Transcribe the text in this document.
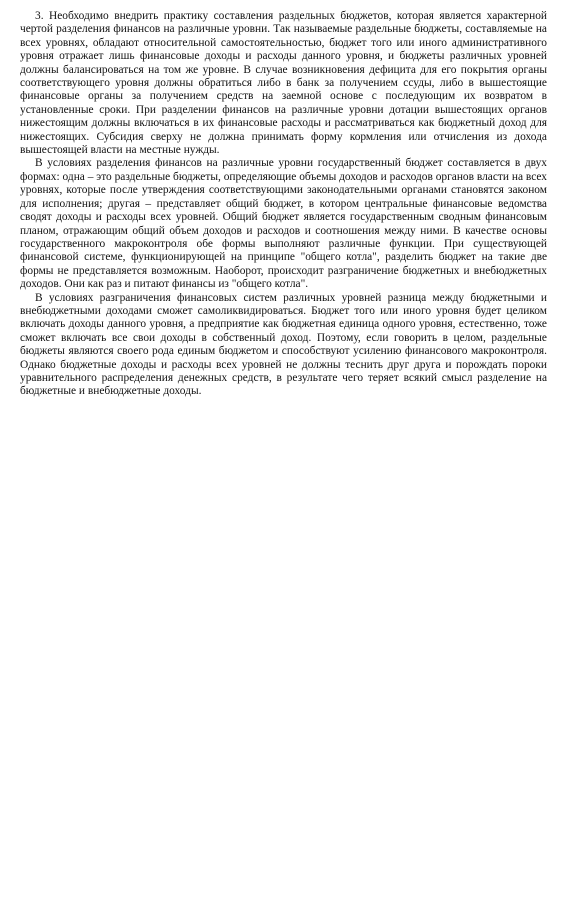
3. Необходимо внедрить практику составления раздельных бюджетов, которая является характерной чертой разделения финансов на различные уровни. Так называемые раздельные бюджеты, составляемые на всех уровнях, обладают относительной самостоятельностью, бюджет того или иного административного уровня отражает лишь финансовые доходы и расходы данного уровня, и бюджеты различных уровней должны балансироваться на том же уровне. В случае возникновения дефицита для его покрытия органы соответствующего уровня должны обратиться либо в банк за получением ссуды, либо в вышестоящие финансовые органы за получением средств на заемной основе с последующим их возвратом в установленные сроки. При разделении финансов на различные уровни дотации вышестоящих органов нижестоящим должны включаться в их финансовые расходы и рассматриваться как бюджетный доход для нижестоящих. Субсидия сверху не должна принимать форму кормления или отчисления из дохода вышестоящей власти на местные нужды.

В условиях разделения финансов на различные уровни государственный бюджет составляется в двух формах: одна – это раздельные бюджеты, определяющие объемы доходов и расходов органов власти на всех уровнях, которые после утверждения соответствующими законодательными органами становятся законом для исполнения; другая – представляет общий бюджет, в котором центральные финансовые ведомства сводят доходы и расходы всех уровней. Общий бюджет является государственным сводным финансовым планом, отражающим общий объем доходов и расходов и соотношения между ними. В качестве основы государственного макроконтроля обе формы выполняют различные функции. При существующей финансовой системе, функционирующей на принципе "общего котла", разделить бюджет на такие две формы не представляется возможным. Наоборот, происходит разграничение бюджетных и внебюджетных доходов. Они как раз и питают финансы из "общего котла".

В условиях разграничения финансовых систем различных уровней разница между бюджетными и внебюджетными доходами сможет самоликвидироваться. Бюджет того или иного уровня будет целиком включать доходы данного уровня, а предприятие как бюджетная единица одного уровня, естественно, тоже сможет включать все свои доходы в собственный доход. Поэтому, если говорить в целом, раздельные бюджеты являются своего рода единым бюджетом и способствуют усилению финансового макроконтроля. Однако бюджетные доходы и расходы всех уровней не должны теснить друг друга и порождать пороки уравнительного распределения денежных средств, в результате чего теряет всякий смысл разделение на бюджетные и внебюджетные доходы.
